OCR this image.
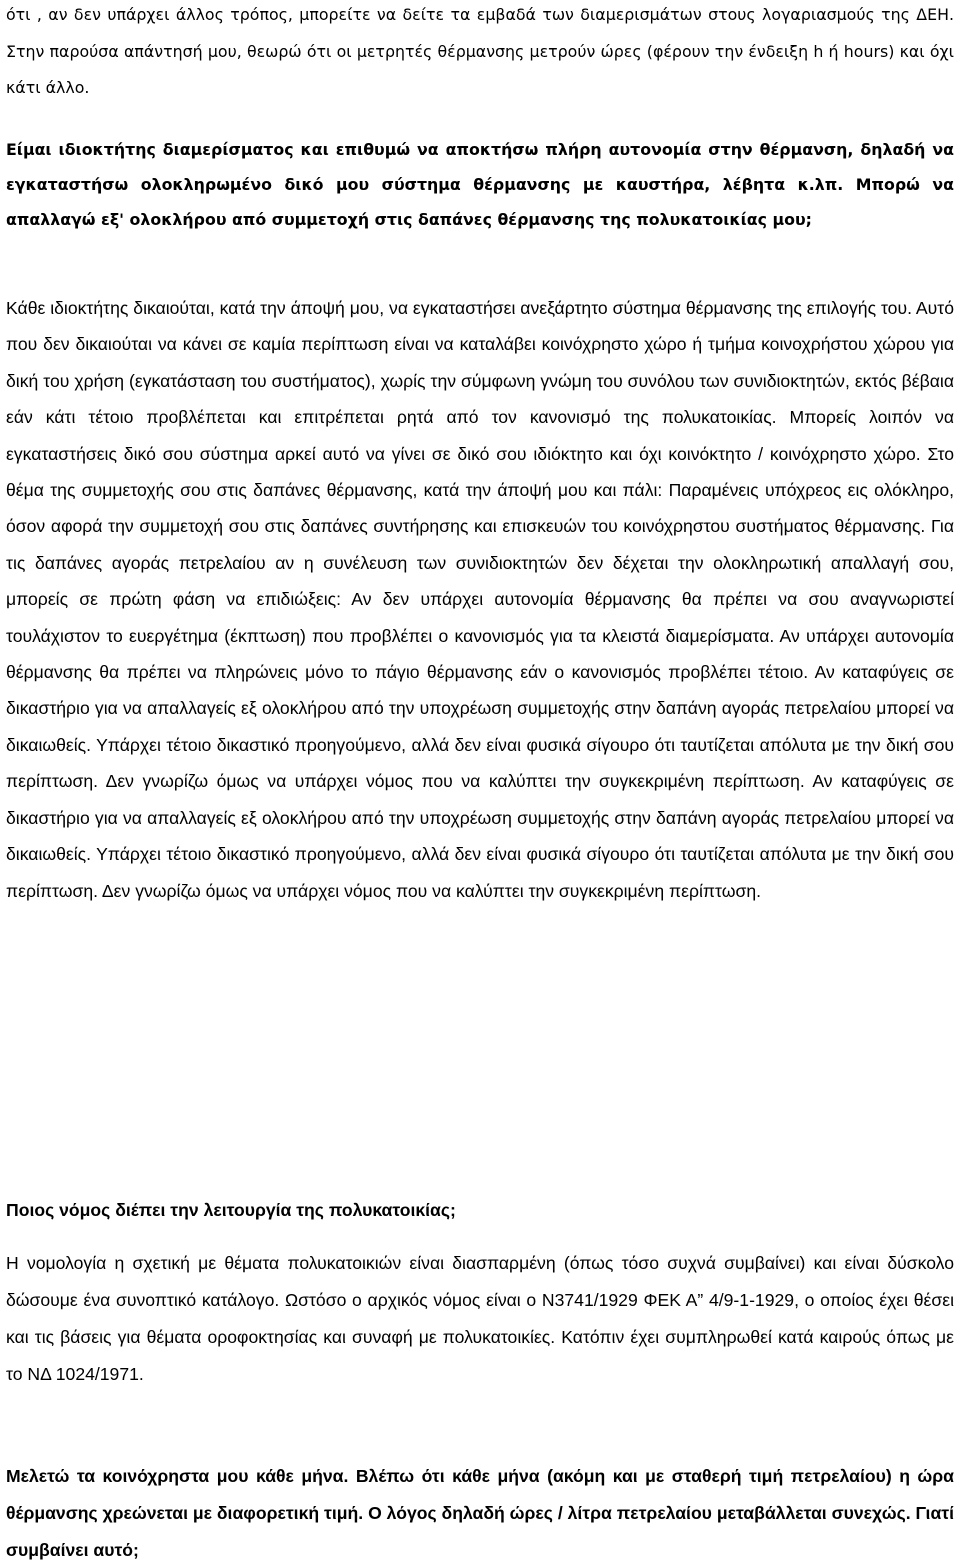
ότι , αν δεν υπάρχει άλλος τρόπος, μπορείτε να δείτε τα εμβαδά των διαμερισμάτων στους λογαριασμούς της ΔΕΗ. Στην παρούσα απάντησή μου, θεωρώ ότι οι μετρητές θέρμανσης μετρούν ώρες (φέρουν την ένδειξη h ή hours) και όχι κάτι άλλο.

Είμαι ιδιοκτήτης διαμερίσματος και επιθυμώ να αποκτήσω πλήρη αυτονομία στην θέρμανση, δηλαδή να εγκαταστήσω ολοκληρωμένο δικό μου σύστημα θέρμανσης με καυστήρα, λέβητα κ.λπ. Μπορώ να απαλλαγώ εξ' ολοκλήρου από συμμετοχή στις δαπάνες θέρμανσης της πολυκατοικίας μου;

Κάθε ιδιοκτήτης δικαιούται, κατά την άποψή μου, να εγκαταστήσει ανεξάρτητο σύστημα θέρμανσης της επιλογής του. Αυτό που δεν δικαιούται να κάνει σε καμία περίπτωση είναι να καταλάβει κοινόχρηστο χώρο ή τμήμα κοινοχρήστου χώρου για δική του χρήση (εγκατάσταση του συστήματος), χωρίς την σύμφωνη γνώμη του συνόλου των συνιδιοκτητών, εκτός βέβαια εάν κάτι τέτοιο προβλέπεται και επιτρέπεται ρητά από τον κανονισμό της πολυκατοικίας. Μπορείς λοιπόν να εγκαταστήσεις δικό σου σύστημα αρκεί αυτό να γίνει σε δικό σου ιδιόκτητο και όχι κοινόκτητο / κοινόχρηστο χώρο. Στο θέμα της συμμετοχής σου στις δαπάνες θέρμανσης, κατά την άποψή μου και πάλι: Παραμένεις υπόχρεος εις ολόκληρο, όσον αφορά την συμμετοχή σου στις δαπάνες συντήρησης και επισκευών του κοινόχρηστου συστήματος θέρμανσης. Για τις δαπάνες αγοράς πετρελαίου αν η συνέλευση των συνιδιοκτητών δεν δέχεται την ολοκληρωτική απαλλαγή σου, μπορείς σε πρώτη φάση να επιδιώξεις: Αν δεν υπάρχει αυτονομία θέρμανσης θα πρέπει να σου αναγνωριστεί τουλάχιστον το ευεργέτημα (έκπτωση) που προβλέπει ο κανονισμός για τα κλειστά διαμερίσματα. Αν υπάρχει αυτονομία θέρμανσης θα πρέπει να πληρώνεις μόνο το πάγιο θέρμανσης εάν ο κανονισμός προβλέπει τέτοιο. Αν καταφύγεις σε δικαστήριο για να απαλλαγείς εξ ολοκλήρου από την υποχρέωση συμμετοχής στην δαπάνη αγοράς πετρελαίου μπορεί να δικαιωθείς. Υπάρχει τέτοιο δικαστικό προηγούμενο, αλλά δεν είναι φυσικά σίγουρο ότι ταυτίζεται απόλυτα με την δική σου περίπτωση. Δεν γνωρίζω όμως να υπάρχει νόμος που να καλύπτει την συγκεκριμένη περίπτωση. Αν καταφύγεις σε δικαστήριο για να απαλλαγείς εξ ολοκλήρου από την υποχρέωση συμμετοχής στην δαπάνη αγοράς πετρελαίου μπορεί να δικαιωθείς. Υπάρχει τέτοιο δικαστικό προηγούμενο, αλλά δεν είναι φυσικά σίγουρο ότι ταυτίζεται απόλυτα με την δική σου περίπτωση. Δεν γνωρίζω όμως να υπάρχει νόμος που να καλύπτει την συγκεκριμένη περίπτωση.

Ποιος νόμος διέπει την λειτουργία της πολυκατοικίας;

Η νομολογία η σχετική με θέματα πολυκατοικιών είναι διασπαρμένη (όπως τόσο συχνά συμβαίνει) και είναι δύσκολο δώσουμε ένα συνοπτικό κατάλογο. Ωστόσο ο αρχικός νόμος είναι ο Ν3741/1929 ΦΕΚ Α” 4/9-1-1929, ο οποίος έχει θέσει και τις βάσεις για θέματα οροφοκτησίας και συναφή με πολυκατοικίες. Κατόπιν έχει συμπληρωθεί κατά καιρούς όπως με το ΝΔ 1024/1971.

Μελετώ τα κοινόχρηστα μου κάθε μήνα. Βλέπω ότι κάθε μήνα (ακόμη και με σταθερή τιμή πετρελαίου) η ώρα θέρμανσης χρεώνεται με διαφορετική τιμή. Ο λόγος δηλαδή ώρες / λίτρα πετρελαίου μεταβάλλεται συνεχώς. Γιατί συμβαίνει αυτό;
